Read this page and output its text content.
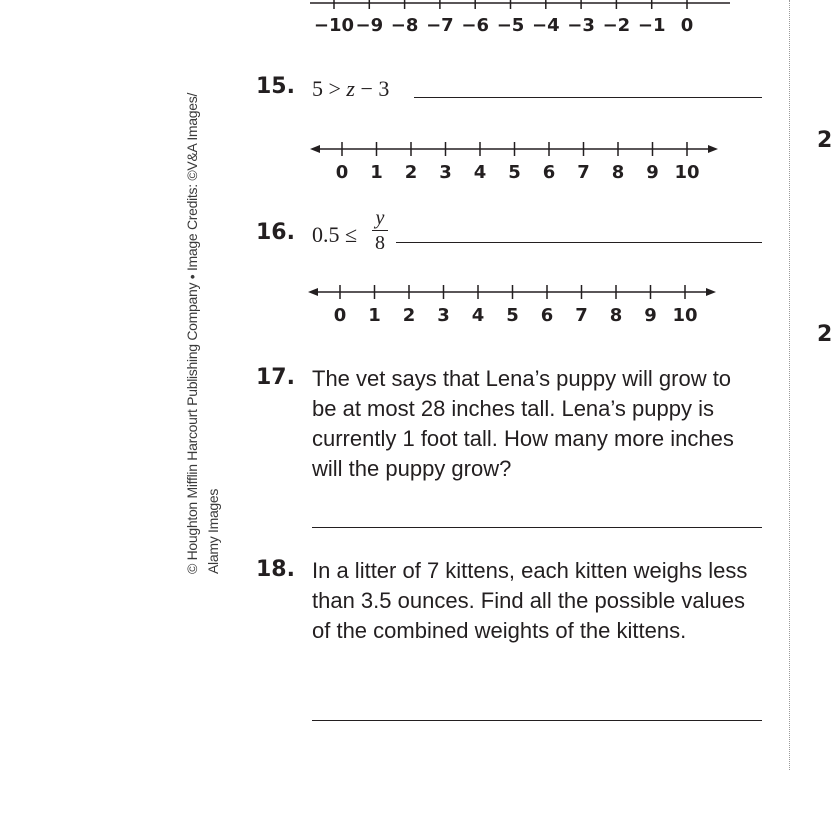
−10 −9 −8 −7 −6 −5 −4 −3 −2 −1 0
© Houghton Mifflin Harcourt Publishing Company • Image Credits: ©V&A Images/ Alamy Images
15. 5 > z − 3
0 1 2 3 4 5 6 7 8 9 10
16. 0.5 ≤
y
8
0 1 2 3 4 5 6 7 8 9 10
17. The vet says that Lena’s puppy will grow to be at most 28 inches tall. Lena’s puppy is currently 1 foot tall. How many more inches will the puppy grow?
18. In a litter of 7 kittens, each kitten weighs less than 3.5 ounces. Find all the possible values of the combined weights of the kittens.
2
2
